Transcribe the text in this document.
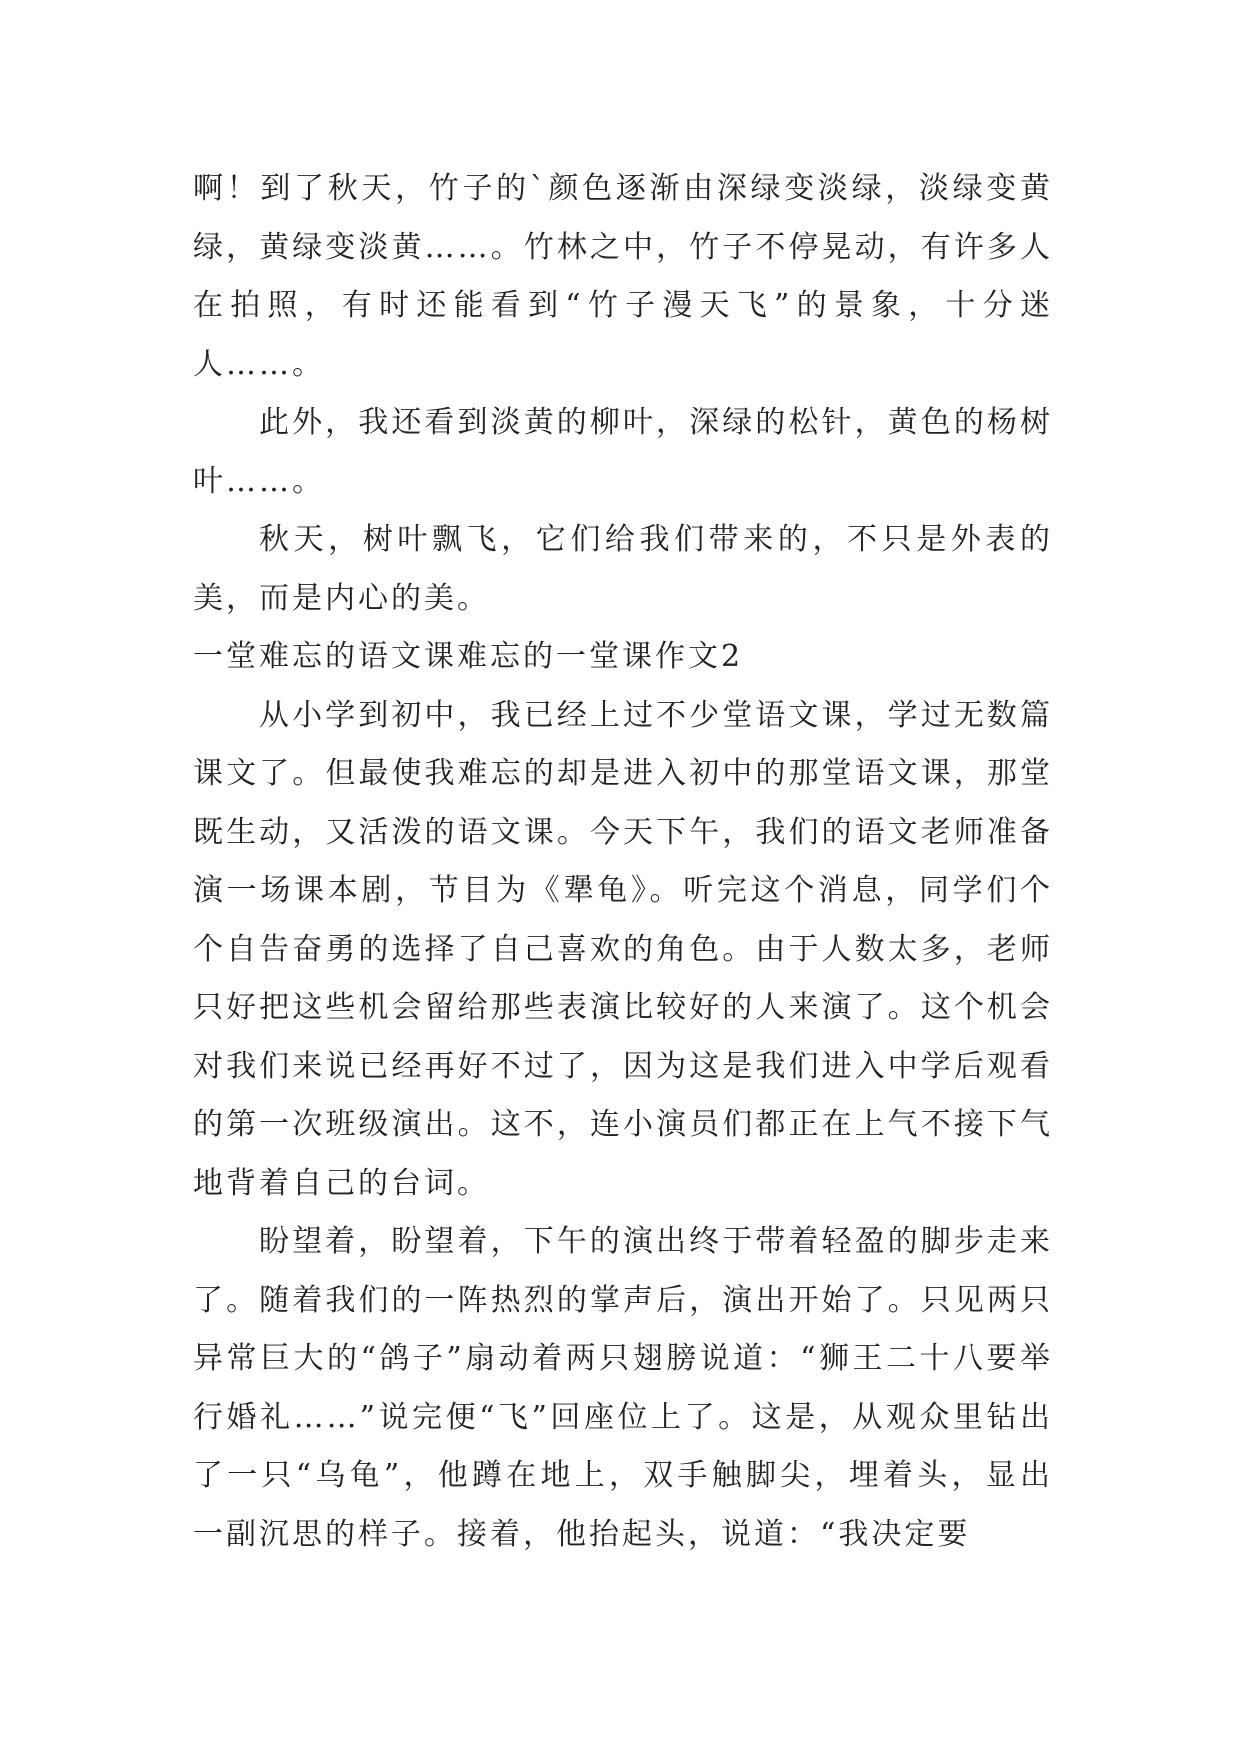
啊！到了秋天，竹子的`颜色逐渐由深绿变淡绿，淡绿变黄绿，黄绿变淡黄……。竹林之中，竹子不停晃动，有许多人在拍照，有时还能看到“竹子漫天飞”的景象，十分迷人……。

此外，我还看到淡黄的柳叶，深绿的松针，黄色的杨树叶……。

秋天，树叶飘飞，它们给我们带来的，不只是外表的美，而是内心的美。

一堂难忘的语文课难忘的一堂课作文2

从小学到初中，我已经上过不少堂语文课，学过无数篇课文了。但最使我难忘的却是进入初中的那堂语文课，那堂既生动，又活泼的语文课。今天下午，我们的语文老师准备演一场课本剧，节目为《犟龟》。听完这个消息，同学们个个自告奋勇的选择了自己喜欢的角色。由于人数太多，老师只好把这些机会留给那些表演比较好的人来演了。这个机会对我们来说已经再好不过了，因为这是我们进入中学后观看的第一次班级演出。这不，连小演员们都正在上气不接下气地背着自己的台词。

盼望着，盼望着，下午的演出终于带着轻盈的脚步走来了。随着我们的一阵热烈的掌声后，演出开始了。只见两只异常巨大的“鸽子”扇动着两只翅膀说道：“狮王二十八要举行婚礼……”说完便“飞”回座位上了。这是，从观众里钻出了一只“乌龟”，他蹲在地上，双手触脚尖，埋着头，显出一副沉思的样子。接着，他抬起头，说道：“我决定要
